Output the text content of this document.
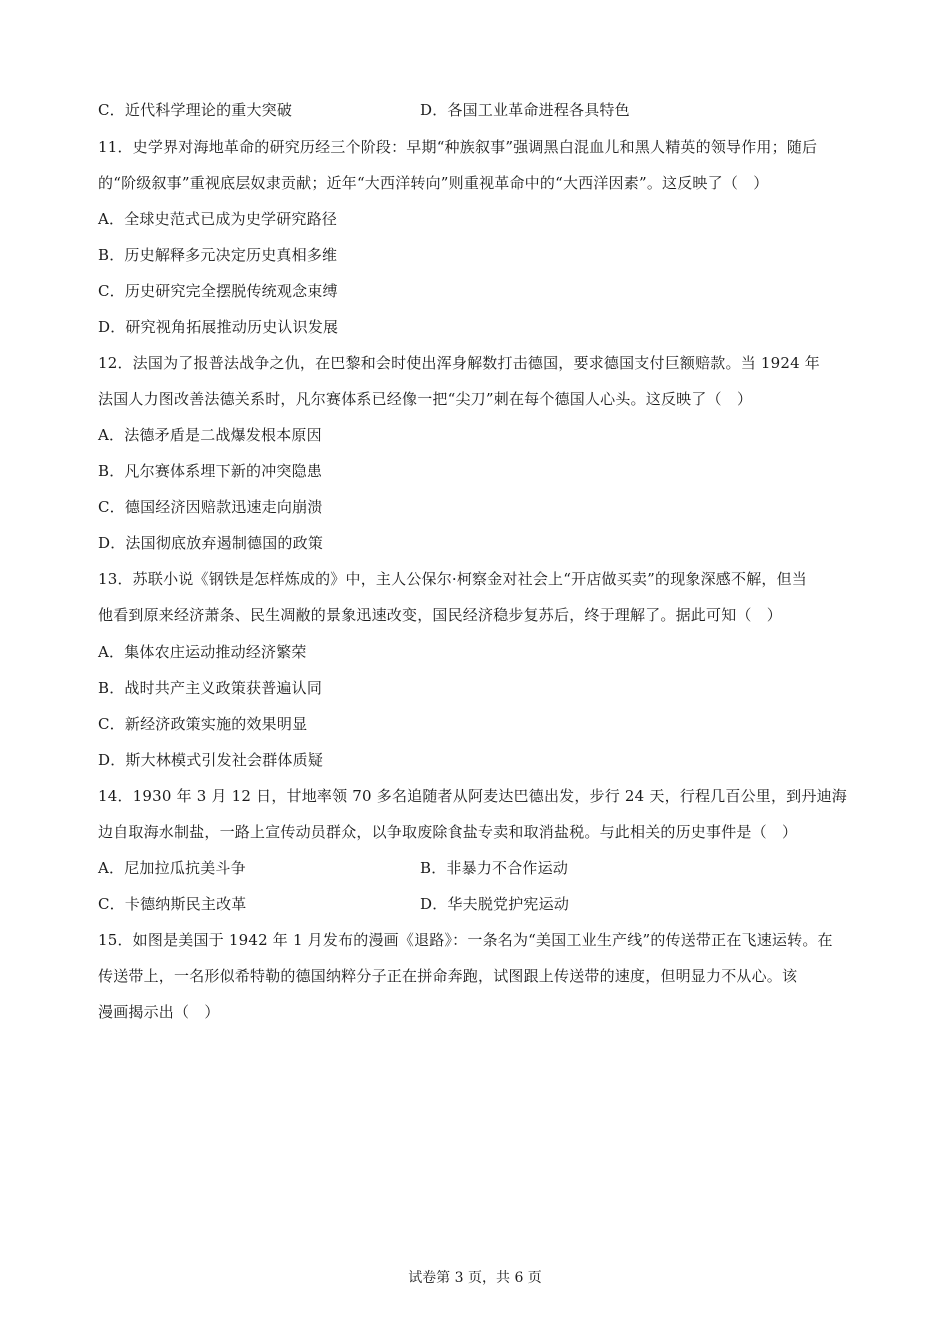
C．近代科学理论的重大突破	D．各国工业革命进程各具特色
11．史学界对海地革命的研究历经三个阶段：早期“种族叙事”强调黑白混血儿和黑人精英的领导作用；随后
的“阶级叙事”重视底层奴隶贡献；近年“大西洋转向”则重视革命中的“大西洋因素”。这反映了（　）
A．全球史范式已成为史学研究路径
B．历史解释多元决定历史真相多维
C．历史研究完全摆脱传统观念束缚
D．研究视角拓展推动历史认识发展
12．法国为了报普法战争之仇，在巴黎和会时使出浑身解数打击德国，要求德国支付巨额赔款。当 1924 年
法国人力图改善法德关系时，凡尔赛体系已经像一把“尖刀”刺在每个德国人心头。这反映了（　）
A．法德矛盾是二战爆发根本原因
B．凡尔赛体系埋下新的冲突隐患
C．德国经济因赔款迅速走向崩溃
D．法国彻底放弃遏制德国的政策
13．苏联小说《钢铁是怎样炼成的》中，主人公保尔·柯察金对社会上“开店做买卖”的现象深感不解，但当
他看到原来经济萧条、民生凋敝的景象迅速改变，国民经济稳步复苏后，终于理解了。据此可知（　）
A．集体农庄运动推动经济繁荣
B．战时共产主义政策获普遍认同
C．新经济政策实施的效果明显
D．斯大林模式引发社会群体质疑
14．1930 年 3 月 12 日，甘地率领 70 多名追随者从阿麦达巴德出发，步行 24 天，行程几百公里，到丹迪海
边自取海水制盐，一路上宣传动员群众，以争取废除食盐专卖和取消盐税。与此相关的历史事件是（　）
A．尼加拉瓜抗美斗争	B．非暴力不合作运动
C．卡德纳斯民主改革	D．华夫脱党护宪运动
15．如图是美国于 1942 年 1 月发布的漫画《退路》：一条名为“美国工业生产线”的传送带正在飞速运转。在
传送带上，一名形似希特勒的德国纳粹分子正在拼命奔跑，试图跟上传送带的速度，但明显力不从心。该
漫画揭示出（　）
试卷第 3 页，共 6 页
